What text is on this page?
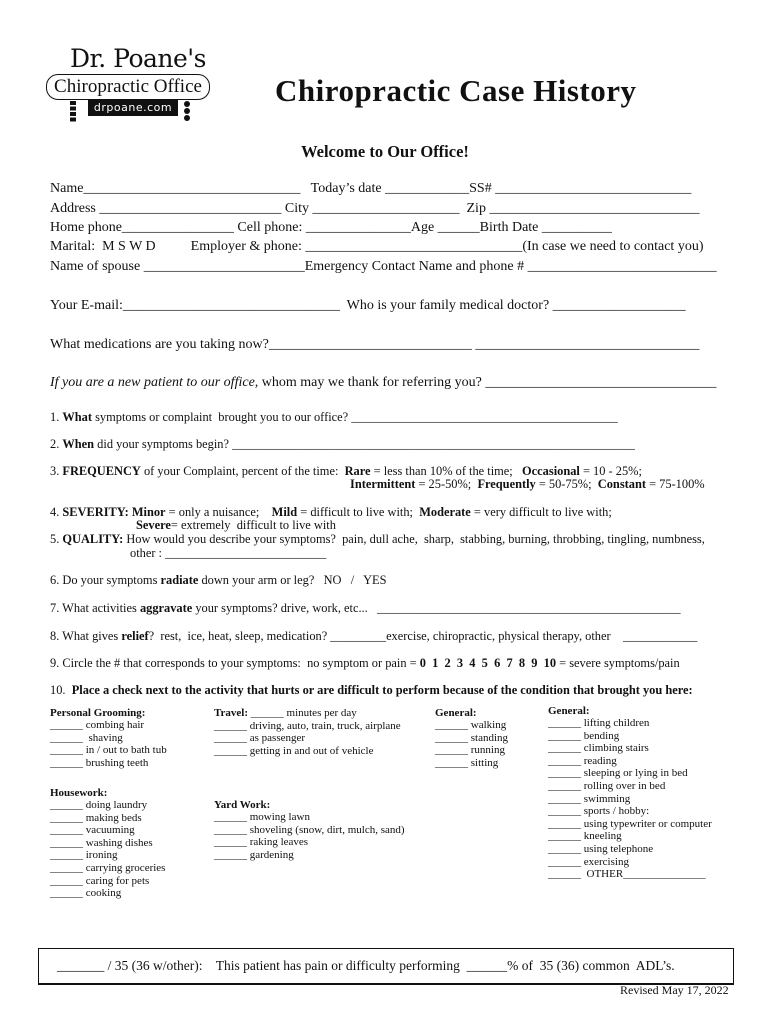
Dr. Poane's
Chiropractic Office
drpoane.com	Chiropractic Case History
Welcome to Our Office!
Name_______________________________   Today’s date ____________SS# ____________________________
Address __________________________ City _____________________  Zip ______________________________
Home phone________________ Cell phone: _______________Age ______Birth Date __________
Marital:  M S W D          Employer & phone: _______________________________(In case we need to contact you)
Name of spouse _______________________Emergency Contact Name and phone # ___________________________
Your E-mail:_______________________________  Who is your family medical doctor? ___________________
What medications are you taking now?_____________________________ ________________________________
If you are a new patient to our office, whom may we thank for referring you? _________________________________
1. What symptoms or complaint  brought you to our office? ___________________________________________
2. When did your symptoms begin? _________________________________________________________________
3. FREQUENCY of your Complaint, percent of the time:  Rare = less than 10% of the time;   Occasional = 10 - 25%;
Intermittent = 25-50%;  Frequently = 50-75%;  Constant = 75-100%
4. SEVERITY: Minor = only a nuisance;    Mild = difficult to live with;  Moderate = very difficult to live with;
Severe= extremely  difficult to live with
5. QUALITY: How would you describe your symptoms?  pain, dull ache,  sharp,  stabbing, burning, throbbing, tingling, numbness,
other : __________________________
6. Do your symptoms radiate down your arm or leg?   NO   /   YES
7. What activities aggravate your symptoms? drive, work, etc...   _________________________________________________
8. What gives relief?  rest,  ice, heat, sleep, medication? _________exercise, chiropractic, physical therapy, other    ____________
9. Circle the # that corresponds to your symptoms:  no symptom or pain = 0  1  2  3  4  5  6  7  8  9  10 = severe symptoms/pain
10.  Place a check next to the activity that hurts or are difficult to perform because of the condition that brought you here:
Personal Grooming:
______ combing hair
______  shaving
______ in / out to bath tub
______ brushing teeth
Housework:
______ doing laundry
______ making beds
______ vacuuming
______ washing dishes
______ ironing
______ carrying groceries
______ caring for pets
______ cooking
Travel: ______ minutes per day
______ driving, auto, train, truck, airplane
______ as passenger
______ getting in and out of vehicle
Yard Work:
______ mowing lawn
______ shoveling (snow, dirt, mulch, sand)
______ raking leaves
______ gardening
General:
______ walking
______ standing
______ running
______ sitting
General:
______ lifting children
______ bending
______ climbing stairs
______ reading
______ sleeping or lying in bed
______ rolling over in bed
______ swimming
______ sports / hobby:
______ using typewriter or computer
______ kneeling
______ using telephone
______ exercising
______  OTHER_______________
_______ / 35 (36 w/other):    This patient has pain or difficulty performing  ______% of  35 (36) common  ADL’s.
Revised May 17, 2022
